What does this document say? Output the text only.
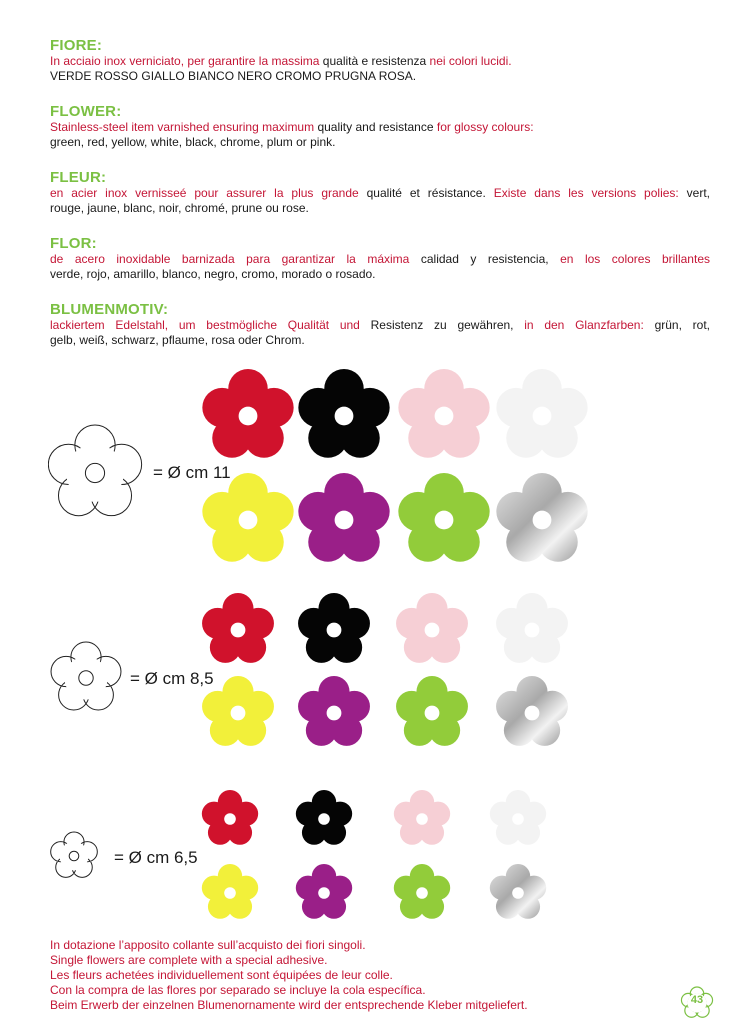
FIORE:
In acciaio inox verniciato, per garantire la massima qualità e resistenza nei colori lucidi.
VERDE ROSSO GIALLO BIANCO NERO CROMO PRUGNA ROSA.
FLOWER:
Stainless-steel item varnished ensuring maximum quality and resistance for glossy colours:
green, red, yellow, white, black, chrome, plum or pink.
FLEUR:
en acier inox vernisseé pour assurer la plus grande qualité et résistance. Existe dans les versions polies: vert,
rouge, jaune, blanc, noir, chromé, prune ou rose.
FLOR:
de acero inoxidable barnizada para garantizar la máxima calidad y resistencia, en los colores brillantes
verde, rojo, amarillo, blanco, negro, cromo, morado o rosado.
BLUMENMOTIV:
lackiertem Edelstahl, um bestmögliche Qualität und Resistenz zu gewähren, in den Glanzfarben: grün, rot,
gelb, weiß, schwarz, pflaume, rosa oder Chrom.
= Ø cm 11
= Ø cm 8,5
= Ø cm 6,5
In dotazione l’apposito collante sull’acquisto dei fiori singoli.
Single flowers are complete with a special adhesive.
Les fleurs achetées individuellement sont équipées de leur colle.
Con la compra de las flores por separado se incluye la cola específica.
Beim Erwerb der einzelnen Blumenornamente wird der entsprechende Kleber mitgeliefert.	43
